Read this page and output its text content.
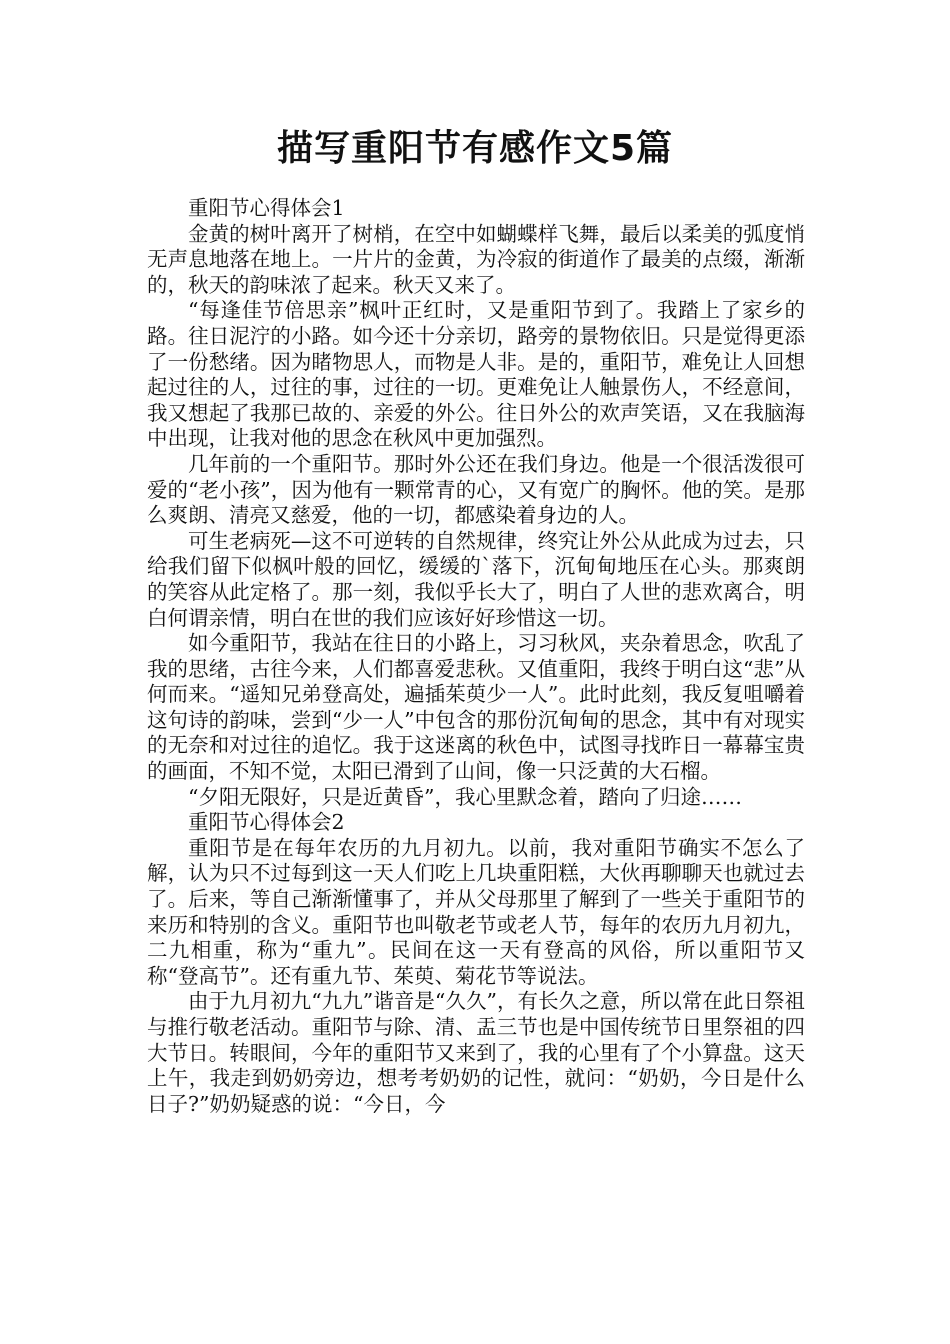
描写重阳节有感作文5篇

重阳节心得体会1

金黄的树叶离开了树梢，在空中如蝴蝶样飞舞，最后以柔美的弧度悄无声息地落在地上。一片片的金黄，为冷寂的街道作了最美的点缀，渐渐的，秋天的韵味浓了起来。秋天又来了。

“每逢佳节倍思亲”枫叶正红时，又是重阳节到了。我踏上了家乡的路。往日泥泞的小路。如今还十分亲切，路旁的景物依旧。只是觉得更添了一份愁绪。因为睹物思人，而物是人非。是的，重阳节，难免让人回想起过往的人，过往的事，过往的一切。更难免让人触景伤人，不经意间，我又想起了我那已故的、亲爱的外公。往日外公的欢声笑语，又在我脑海中出现，让我对他的思念在秋风中更加强烈。

几年前的一个重阳节。那时外公还在我们身边。他是一个很活泼很可爱的“老小孩”，因为他有一颗常青的心，又有宽广的胸怀。他的笑。是那么爽朗、清亮又慈爱，他的一切，都感染着身边的人。

可生老病死—这不可逆转的自然规律，终究让外公从此成为过去，只给我们留下似枫叶般的回忆，缓缓的`落下，沉甸甸地压在心头。那爽朗的笑容从此定格了。那一刻，我似乎长大了，明白了人世的悲欢离合，明白何谓亲情，明白在世的我们应该好好珍惜这一切。

如今重阳节，我站在往日的小路上，习习秋风，夹杂着思念，吹乱了我的思绪，古往今来，人们都喜爱悲秋。又值重阳，我终于明白这“悲”从何而来。“遥知兄弟登高处，遍插茱萸少一人”。此时此刻，我反复咀嚼着这句诗的韵味，尝到“少一人”中包含的那份沉甸甸的思念，其中有对现实的无奈和对过往的追忆。我于这迷离的秋色中，试图寻找昨日一幕幕宝贵的画面，不知不觉，太阳已滑到了山间，像一只泛黄的大石榴。

“夕阳无限好，只是近黄昏”，我心里默念着，踏向了归途……

重阳节心得体会2

重阳节是在每年农历的九月初九。以前，我对重阳节确实不怎么了解，认为只不过每到这一天人们吃上几块重阳糕，大伙再聊聊天也就过去了。后来，等自己渐渐懂事了，并从父母那里了解到了一些关于重阳节的来历和特别的含义。重阳节也叫敬老节或老人节，每年的农历九月初九，二九相重，称为“重九”。民间在这一天有登高的风俗，所以重阳节又称“登高节”。还有重九节、茱萸、菊花节等说法。

由于九月初九“九九”谐音是“久久”，有长久之意，所以常在此日祭祖与推行敬老活动。重阳节与除、清、盂三节也是中国传统节日里祭祖的四大节日。转眼间，今年的重阳节又来到了，我的心里有了个小算盘。这天上午，我走到奶奶旁边，想考考奶奶的记性，就问：“奶奶，今日是什么日子?”奶奶疑惑的说：“今日，今
